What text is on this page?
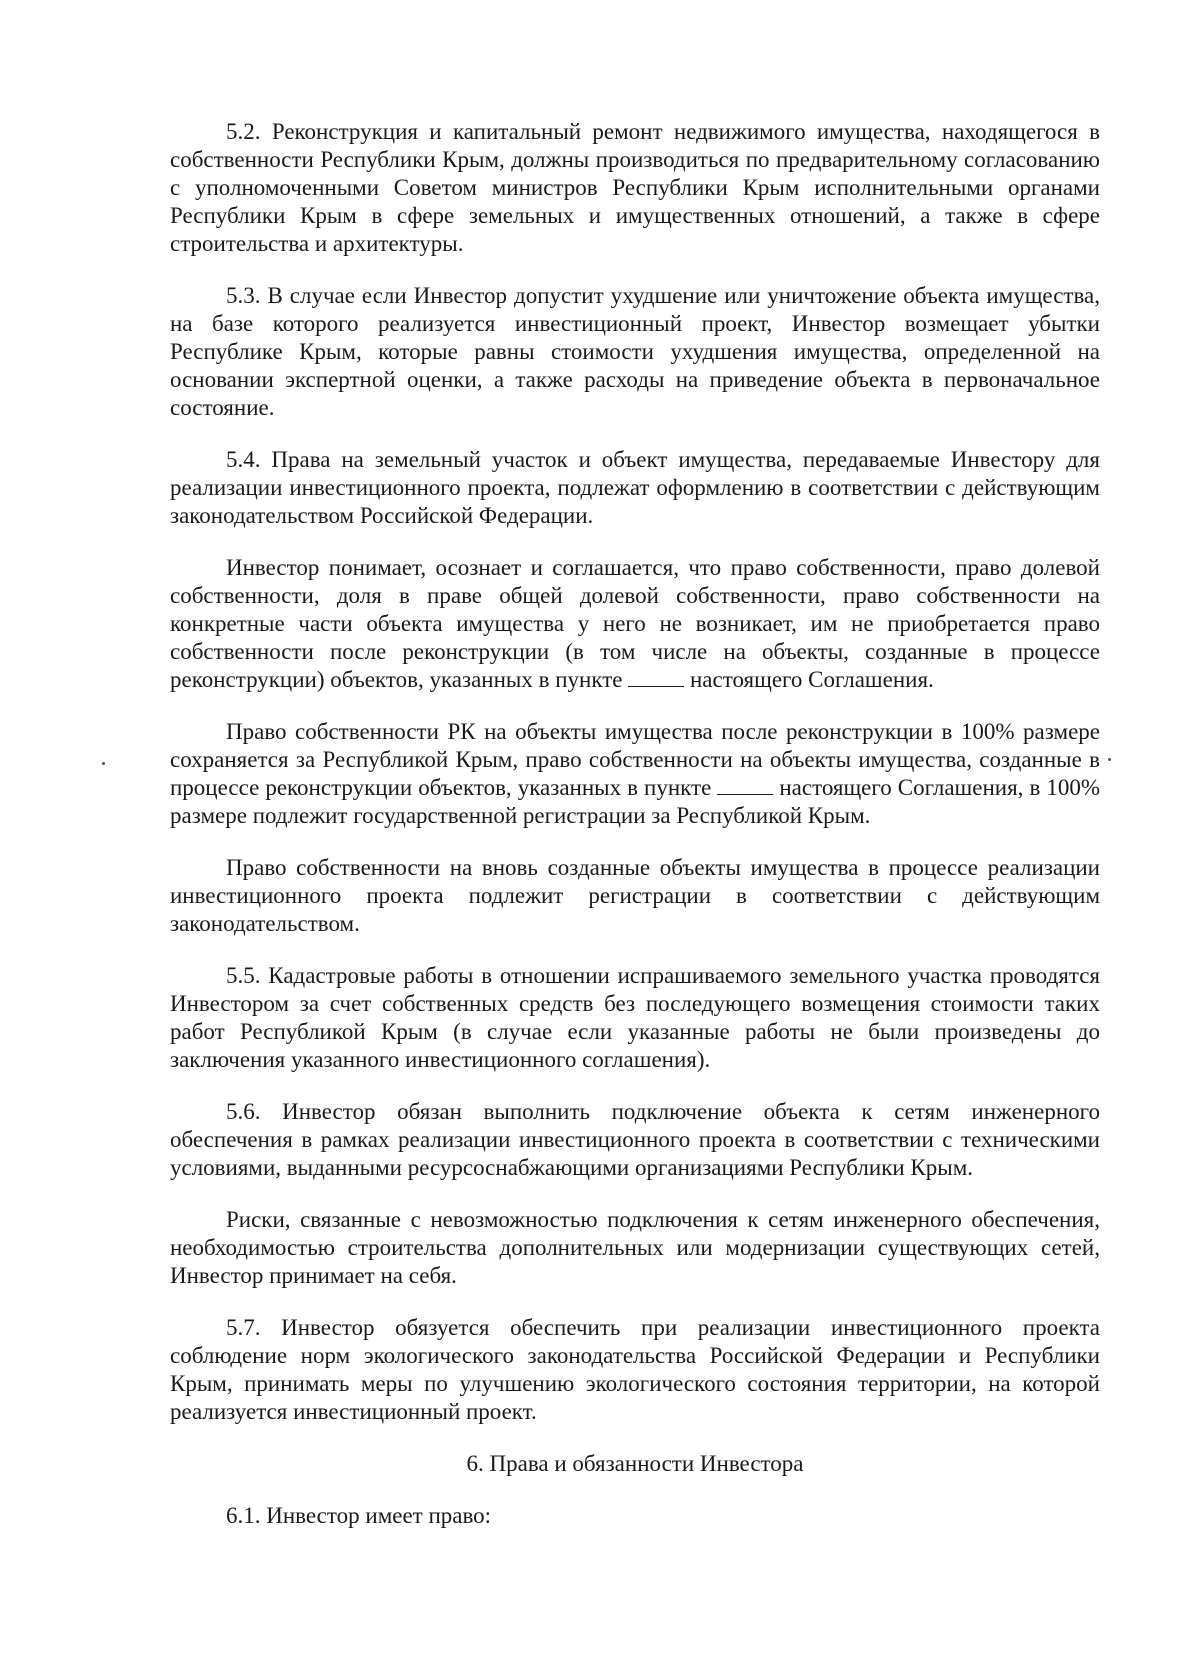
5.2. Реконструкция и капитальный ремонт недвижимого имущества, находящегося в собственности Республики Крым, должны производиться по предварительному согласованию с уполномоченными Советом министров Республики Крым исполнительными органами Республики Крым в сфере земельных и имущественных отношений, а также в сфере строительства и архитектуры.

5.3. В случае если Инвестор допустит ухудшение или уничтожение объекта имущества, на базе которого реализуется инвестиционный проект, Инвестор возмещает убытки Республике Крым, которые равны стоимости ухудшения имущества, определенной на основании экспертной оценки, а также расходы на приведение объекта в первоначальное состояние.

5.4. Права на земельный участок и объект имущества, передаваемые Инвестору для реализации инвестиционного проекта, подлежат оформлению в соответствии с действующим законодательством Российской Федерации.

Инвестор понимает, осознает и соглашается, что право собственности, право долевой собственности, доля в праве общей долевой собственности, право собственности на конкретные части объекта имущества у него не возникает, им не приобретается право собственности после реконструкции (в том числе на объекты, созданные в процессе реконструкции) объектов, указанных в пункте	настоящего Соглашения.

Право собственности РК на объекты имущества после реконструкции в 100% размере сохраняется за Республикой Крым, право собственности на объекты имущества, созданные в процессе реконструкции объектов, указанных в пункте	настоящего Соглашения, в 100% размере подлежит государственной регистрации за Республикой Крым.

Право собственности на вновь созданные объекты имущества в процессе реализации инвестиционного проекта подлежит регистрации в соответствии с действующим законодательством.

5.5. Кадастровые работы в отношении испрашиваемого земельного участка проводятся Инвестором за счет собственных средств без последующего возмещения стоимости таких работ Республикой Крым (в случае если указанные работы не были произведены до заключения указанного инвестиционного соглашения).

5.6. Инвестор обязан выполнить подключение объекта к сетям инженерного обеспечения в рамках реализации инвестиционного проекта в соответствии с техническими условиями, выданными ресурсоснабжающими организациями Республики Крым.

Риски, связанные с невозможностью подключения к сетям инженерного обеспечения, необходимостью строительства дополнительных или модернизации существующих сетей, Инвестор принимает на себя.

5.7. Инвестор обязуется обеспечить при реализации инвестиционного проекта соблюдение норм экологического законодательства Российской Федерации и Республики Крым, принимать меры по улучшению экологического состояния территории, на которой реализуется инвестиционный проект.

6. Права и обязанности Инвестора

6.1. Инвестор имеет право:
